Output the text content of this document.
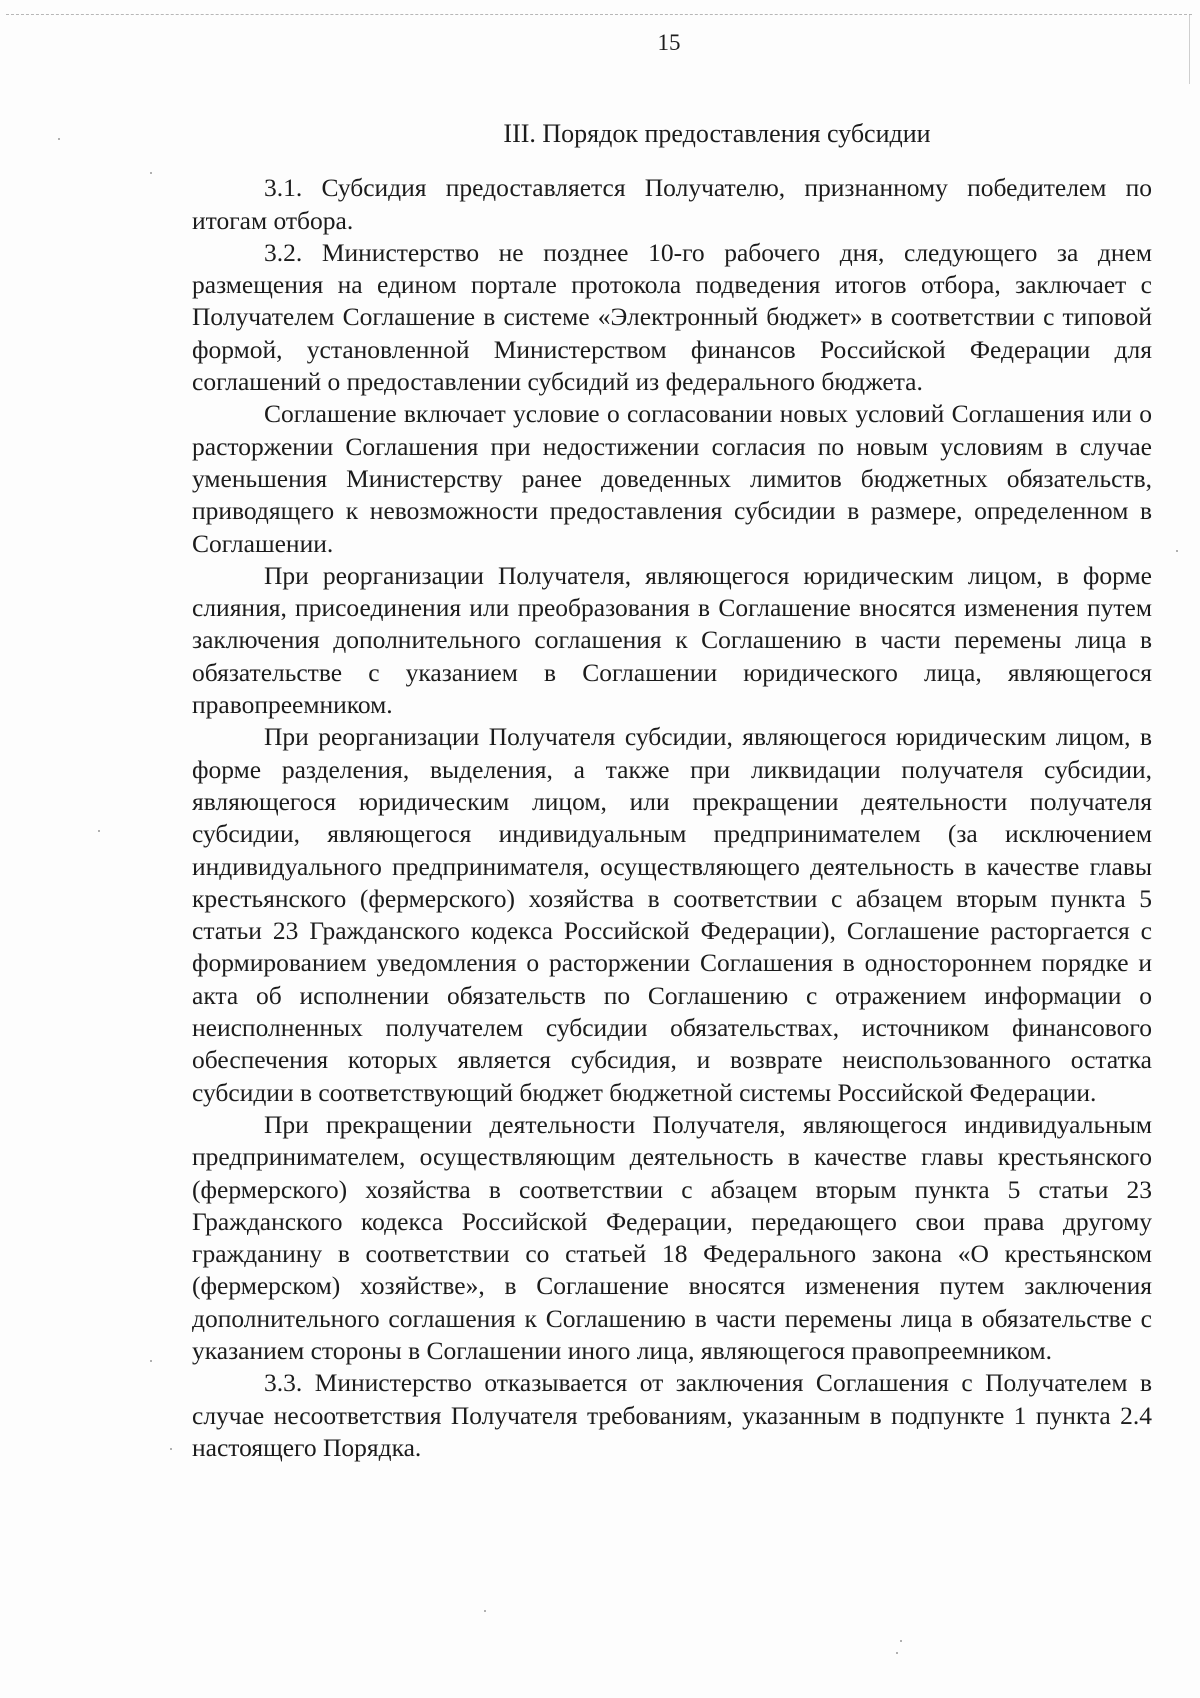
15
III. Порядок предоставления субсидии

3.1. Субсидия предоставляется Получателю, признанному победителем по итогам отбора.

3.2. Министерство не позднее 10-го рабочего дня, следующего за днем размещения на едином портале протокола подведения итогов отбора, заключает с Получателем Соглашение в системе «Электронный бюджет» в соответствии с типовой формой, установленной Министерством финансов Российской Федерации для соглашений о предоставлении субсидий из федерального бюджета.

Соглашение включает условие о согласовании новых условий Соглашения или о расторжении Соглашения при недостижении согласия по новым условиям в случае уменьшения Министерству ранее доведенных лимитов бюджетных обязательств, приводящего к невозможности предоставления субсидии в размере, определенном в Соглашении.

При реорганизации Получателя, являющегося юридическим лицом, в форме слияния, присоединения или преобразования в Соглашение вносятся изменения путем заключения дополнительного соглашения к Соглашению в части перемены лица в обязательстве с указанием в Соглашении юридического лица, являющегося правопреемником.

При реорганизации Получателя субсидии, являющегося юридическим лицом, в форме разделения, выделения, а также при ликвидации получателя субсидии, являющегося юридическим лицом, или прекращении деятельности получателя субсидии, являющегося индивидуальным предпринимателем (за исключением индивидуального предпринимателя, осуществляющего деятельность в качестве главы крестьянского (фермерского) хозяйства в соответствии с абзацем вторым пункта 5 статьи 23 Гражданского кодекса Российской Федерации), Соглашение расторгается с формированием уведомления о расторжении Соглашения в одностороннем порядке и акта об исполнении обязательств по Соглашению с отражением информации о неисполненных получателем субсидии обязательствах, источником финансового обеспечения которых является субсидия, и возврате неиспользованного остатка субсидии в соответствующий бюджет бюджетной системы Российской Федерации.

При прекращении деятельности Получателя, являющегося индивидуальным предпринимателем, осуществляющим деятельность в качестве главы крестьянского (фермерского) хозяйства в соответствии с абзацем вторым пункта 5 статьи 23 Гражданского кодекса Российской Федерации, передающего свои права другому гражданину в соответствии со статьей 18 Федерального закона «О крестьянском (фермерском) хозяйстве», в Соглашение вносятся изменения путем заключения дополнительного соглашения к Соглашению в части перемены лица в обязательстве с указанием стороны в Соглашении иного лица, являющегося правопреемником.

3.3. Министерство отказывается от заключения Соглашения с Получателем в случае несоответствия Получателя требованиям, указанным в подпункте 1 пункта 2.4 настоящего Порядка.
